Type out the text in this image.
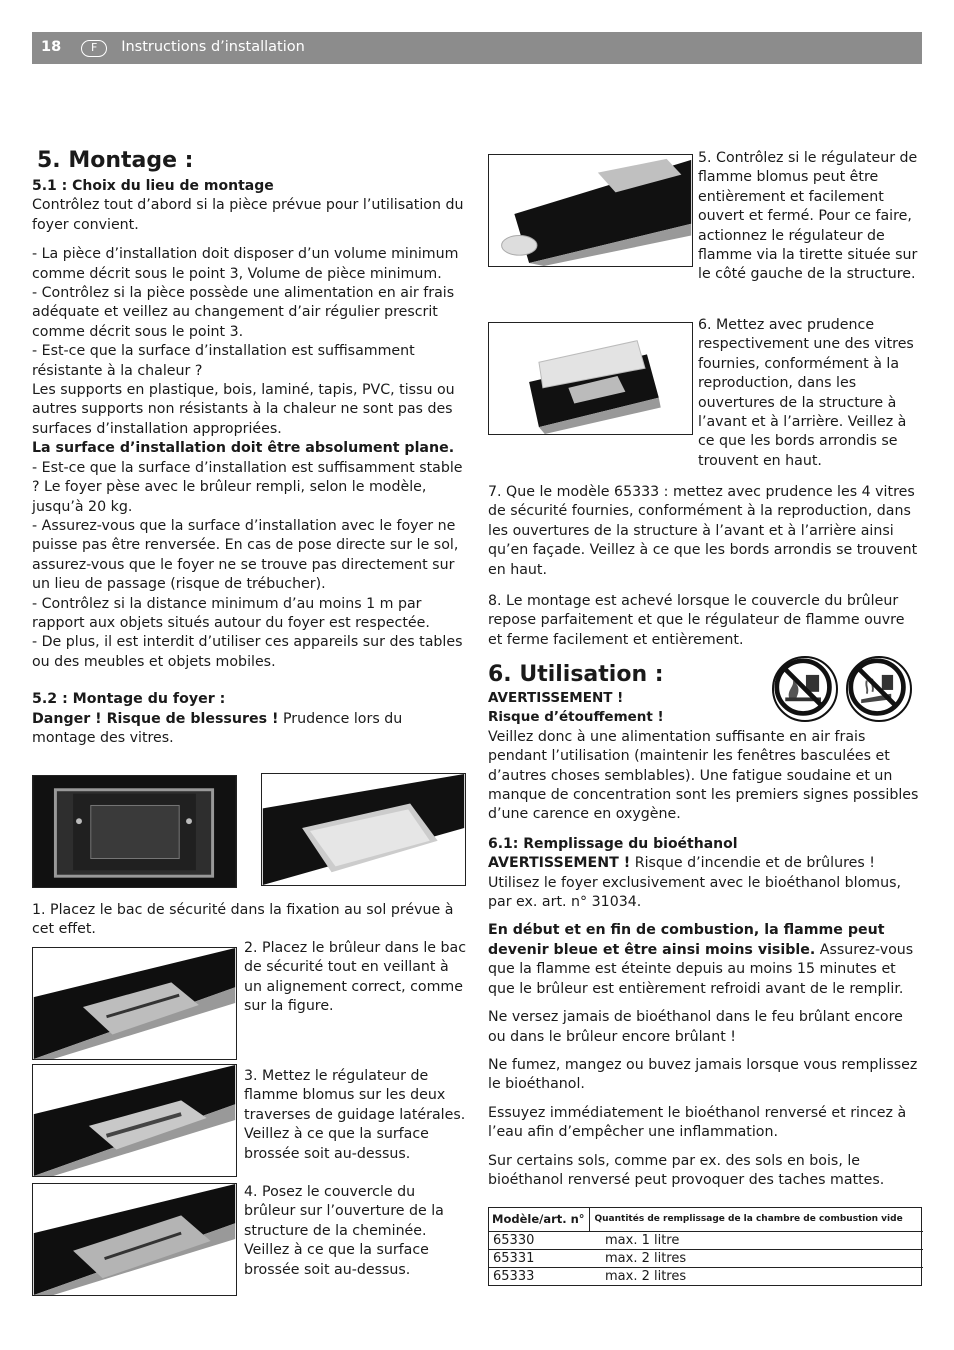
18	F	Instructions d’installation
5. Montage :
5.1 : Choix du lieu de montage

Contrôlez tout d’abord si la pièce prévue pour l’utilisation du foyer convient.

- La pièce d’installation doit disposer d’un volume minimum comme décrit sous le point 3, Volume de pièce minimum.
- Contrôlez si la pièce possède une alimentation en air frais adéquate et veillez au changement d’air régulier prescrit comme décrit sous le point 3.
- Est-ce que la surface d’installation est suffisamment résistante à la chaleur ?
Les supports en plastique, bois, laminé, tapis, PVC, tissu ou autres supports non résistants à la chaleur ne sont pas des surfaces d’installation appropriées.

La surface d’installation doit être absolument plane.

- Est-ce que la surface d’installation est suffisamment stable ? Le foyer pèse avec le brûleur rempli, selon le modèle, jusqu’à 20 kg.
- Assurez-vous que la surface d’installation avec le foyer ne puisse pas être renversée. En cas de pose directe sur le sol, assurez-vous que le foyer ne se trouve pas directement sur un lieu de passage (risque de trébucher).
- Contrôlez si la distance minimum d’au moins 1 m par rapport aux objets situés autour du foyer est respectée.
- De plus, il est interdit d’utiliser ces appareils sur des tables ou des meubles et objets mobiles.

5.2 : Montage du foyer :

Danger ! Risque de blessures ! Prudence lors du montage des vitres.

1. Placez le bac de sécurité dans la fixation au sol prévue à cet effet.

2. Placez le brûleur dans le bac de sécurité tout en veillant à un alignement correct, comme sur la figure.

3. Mettez le régulateur de flamme blomus sur les deux traverses de guidage latérales. Veillez à ce que la surface brossée soit au-dessus.

4. Posez le couvercle du brûleur sur l’ouverture de la structure de la cheminée. Veillez à ce que la surface brossée soit au-dessus.

5. Contrôlez si le régulateur de flamme blomus peut être entièrement et facilement ouvert et fermé. Pour ce faire, actionnez le régulateur de flamme via la tirette située sur le côté gauche de la structure.

6. Mettez avec prudence respectivement une des vitres fournies, conformément à la reproduction, dans les ouvertures de la structure à l’avant et à l’arrière. Veillez à ce que les bords arrondis se trouvent en haut.

7. Que le modèle 65333 : mettez avec prudence les 4 vitres de sécurité fournies, conformément à la reproduction, dans les ouvertures de la structure à l’avant et à l’arrière ainsi qu’en façade. Veillez à ce que les bords arrondis se trouvent en haut.

8. Le montage est achevé lorsque le couvercle du brûleur repose parfaitement et que le régulateur de flamme ouvre et ferme facilement et entièrement.

6. Utilisation :
AVERTISSEMENT !
Risque d’étouffement !

Veillez donc à une alimentation suffisante en air frais pendant l’utilisation (maintenir les fenêtres basculées et d’autres choses semblables). Une fatigue soudaine et un manque de concentration sont les premiers signes possibles d’une carence en oxygène.

6.1: Remplissage du bioéthanol

AVERTISSEMENT ! Risque d’incendie et de brûlures ! Utilisez le foyer exclusivement avec le bioéthanol blomus, par ex. art. n° 31034.

En début et en fin de combustion, la flamme peut devenir bleue et être ainsi moins visible. Assurez-vous que la flamme est éteinte depuis au moins 15 minutes et que le brûleur est entièrement refroidi avant de le remplir.

Ne versez jamais de bioéthanol dans le feu brûlant encore ou dans le brûleur encore brûlant !

Ne fumez, mangez ou buvez jamais lorsque vous remplissez le bioéthanol.

Essuyez immédiatement le bioéthanol renversé et rincez à l’eau afin d’empêcher une inflammation.

Sur certains sols, comme par ex. des sols en bois, le bioéthanol renversé peut provoquer des taches mattes.

Modèle/art. n°	Quantités de remplissage de la chambre de combustion vide
65330	max. 1 litre
65331	max. 2 litres
65333	max. 2 litres
